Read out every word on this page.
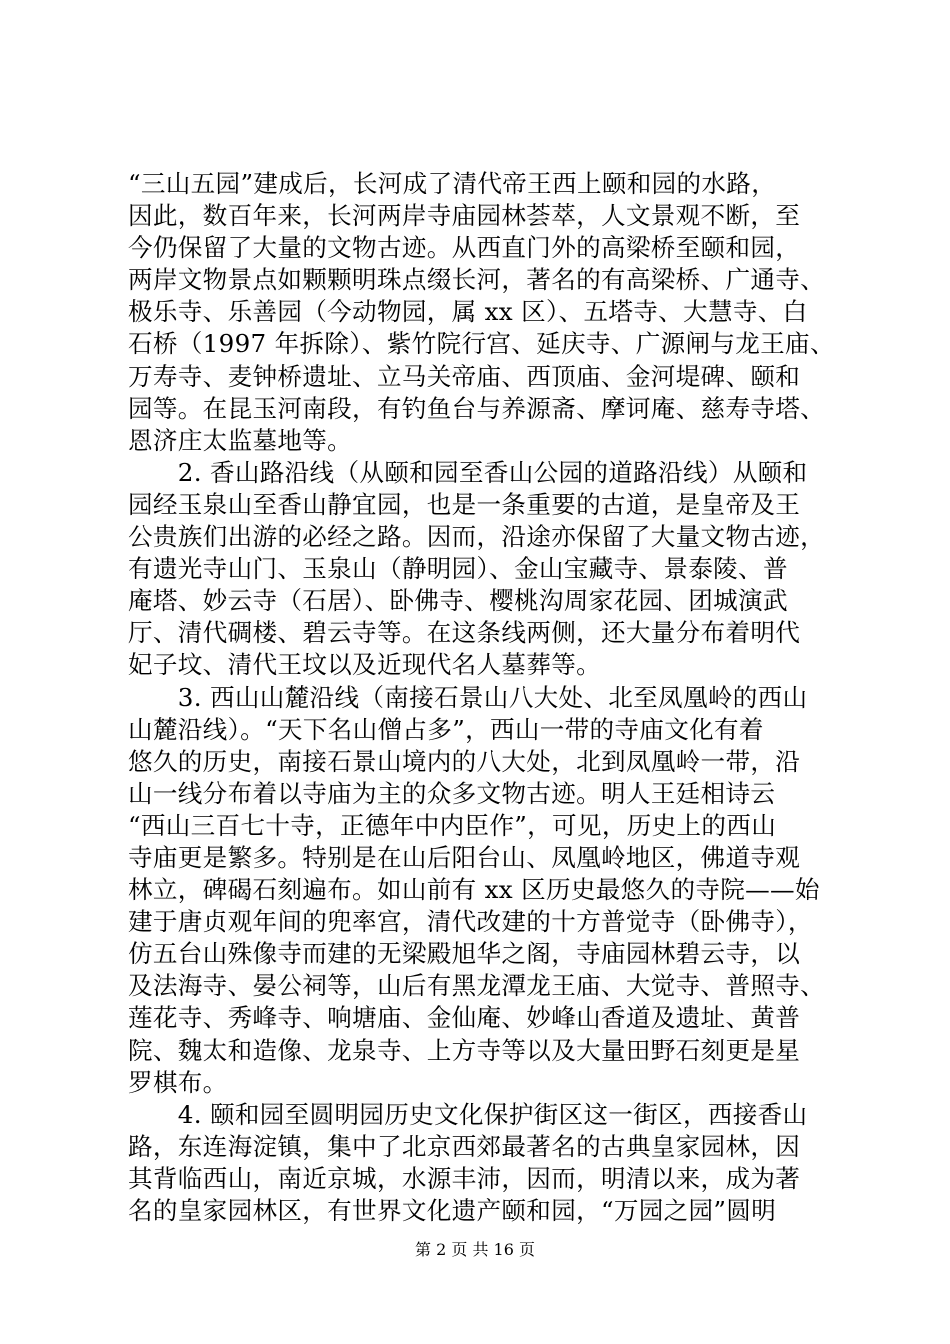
“三山五园”建成后，长河成了清代帝王西上颐和园的水路，
因此，数百年来，长河两岸寺庙园林荟萃，人文景观不断，至
今仍保留了大量的文物古迹。从西直门外的高梁桥至颐和园，
两岸文物景点如颗颗明珠点缀长河，著名的有高梁桥、广通寺、
极乐寺、乐善园（今动物园，属 xx 区）、五塔寺、大慧寺、白
石桥（1997 年拆除）、紫竹院行宫、延庆寺、广源闸与龙王庙、
万寿寺、麦钟桥遗址、立马关帝庙、西顶庙、金河堤碑、颐和
园等。在昆玉河南段，有钓鱼台与养源斋、摩诃庵、慈寿寺塔、
恩济庄太监墓地等。
　　2. 香山路沿线（从颐和园至香山公园的道路沿线）从颐和
园经玉泉山至香山静宜园，也是一条重要的古道，是皇帝及王
公贵族们出游的必经之路。因而，沿途亦保留了大量文物古迹，
有遗光寺山门、玉泉山（静明园）、金山宝藏寺、景泰陵、普
庵塔、妙云寺（石居）、卧佛寺、樱桃沟周家花园、团城演武
厅、清代碉楼、碧云寺等。在这条线两侧，还大量分布着明代
妃子坟、清代王坟以及近现代名人墓葬等。
　　3. 西山山麓沿线（南接石景山八大处、北至凤凰岭的西山
山麓沿线）。“天下名山僧占多”，西山一带的寺庙文化有着
悠久的历史，南接石景山境内的八大处，北到凤凰岭一带，沿
山一线分布着以寺庙为主的众多文物古迹。明人王廷相诗云
“西山三百七十寺，正德年中内臣作”，可见，历史上的西山
寺庙更是繁多。特别是在山后阳台山、凤凰岭地区，佛道寺观
林立，碑碣石刻遍布。如山前有 xx 区历史最悠久的寺院——始
建于唐贞观年间的兜率宫，清代改建的十方普觉寺（卧佛寺），
仿五台山殊像寺而建的无梁殿旭华之阁，寺庙园林碧云寺，以
及法海寺、晏公祠等，山后有黑龙潭龙王庙、大觉寺、普照寺、
莲花寺、秀峰寺、响塘庙、金仙庵、妙峰山香道及遗址、黄普
院、魏太和造像、龙泉寺、上方寺等以及大量田野石刻更是星
罗棋布。
　　4. 颐和园至圆明园历史文化保护街区这一街区，西接香山
路，东连海淀镇，集中了北京西郊最著名的古典皇家园林，因
其背临西山，南近京城，水源丰沛，因而，明清以来，成为著
名的皇家园林区，有世界文化遗产颐和园，“万园之园”圆明
第 2 页 共 16 页
